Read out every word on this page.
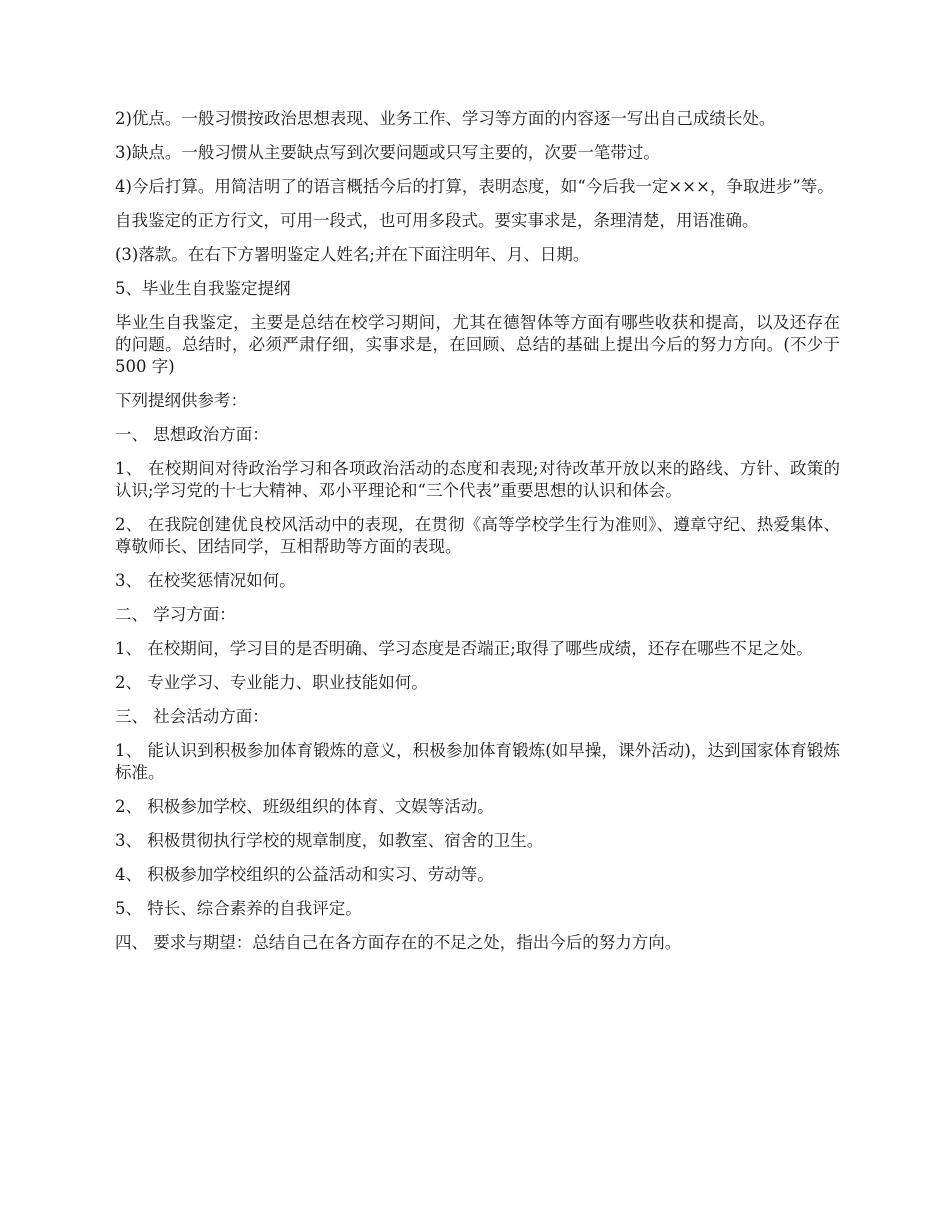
2)优点。一般习惯按政治思想表现、业务工作、学习等方面的内容逐一写出自己成绩长处。

3)缺点。一般习惯从主要缺点写到次要问题或只写主要的，次要一笔带过。

4)今后打算。用简洁明了的语言概括今后的打算，表明态度，如“今后我一定×××，争取进步”等。

自我鉴定的正方行文，可用一段式，也可用多段式。要实事求是，条理清楚，用语准确。

(3)落款。在右下方署明鉴定人姓名;并在下面注明年、月、日期。

5、毕业生自我鉴定提纲

毕业生自我鉴定，主要是总结在校学习期间，尤其在德智体等方面有哪些收获和提高，以及还存在的问题。总结时，必须严肃仔细，实事求是，在回顾、总结的基础上提出今后的努力方向。(不少于 500 字)

下列提纲供参考：

一、 思想政治方面：

1、 在校期间对待政治学习和各项政治活动的态度和表现;对待改革开放以来的路线、方针、政策的认识;学习党的十七大精神、邓小平理论和“三个代表”重要思想的认识和体会。

2、 在我院创建优良校风活动中的表现，在贯彻《高等学校学生行为准则》、遵章守纪、热爱集体、尊敬师长、团结同学，互相帮助等方面的表现。

3、 在校奖惩情况如何。

二、 学习方面：

1、 在校期间，学习目的是否明确、学习态度是否端正;取得了哪些成绩，还存在哪些不足之处。

2、 专业学习、专业能力、职业技能如何。

三、 社会活动方面：

1、 能认识到积极参加体育锻炼的意义，积极参加体育锻炼(如早操，课外活动)，达到国家体育锻炼标准。

2、 积极参加学校、班级组织的体育、文娱等活动。

3、 积极贯彻执行学校的规章制度，如教室、宿舍的卫生。

4、 积极参加学校组织的公益活动和实习、劳动等。

5、 特长、综合素养的自我评定。

四、 要求与期望：总结自己在各方面存在的不足之处，指出今后的努力方向。
